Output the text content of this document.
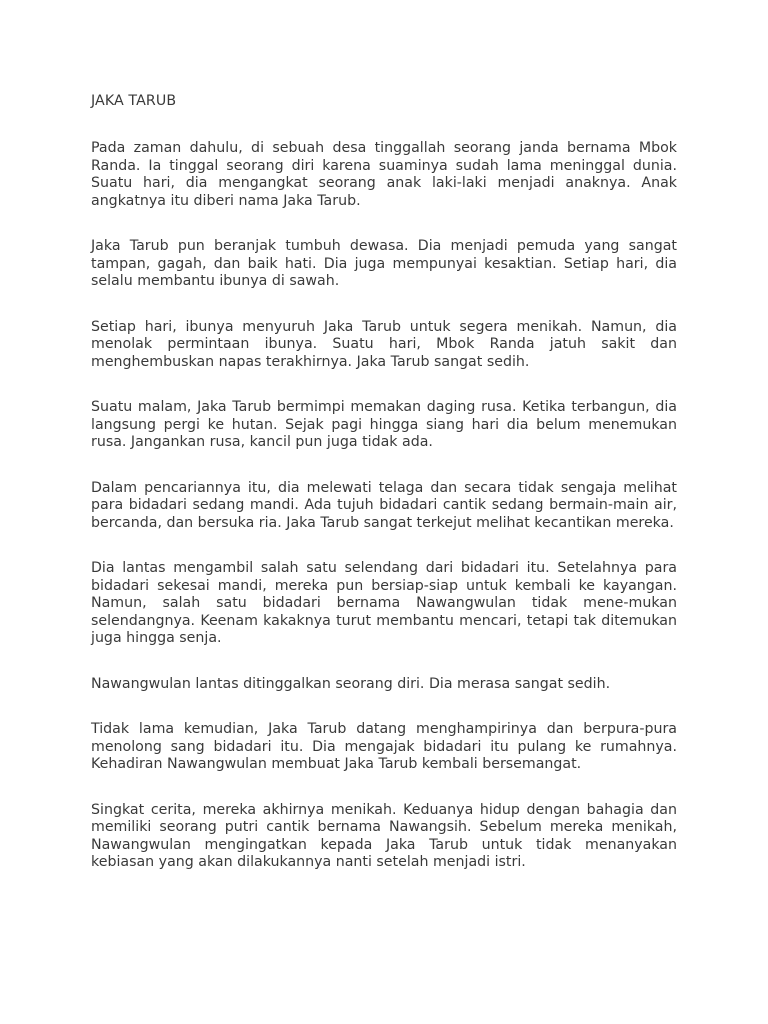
JAKA TARUB

Pada zaman dahulu, di sebuah desa tinggallah seorang janda bernama Mbok Randa. Ia tinggal seorang diri karena suaminya sudah lama meninggal dunia. Suatu hari, dia mengangkat seorang anak laki-laki menjadi anaknya. Anak angkatnya itu diberi nama Jaka Tarub.

Jaka Tarub pun beranjak tumbuh dewasa. Dia menjadi pemuda yang sangat tampan, gagah, dan baik hati. Dia juga mempunyai kesaktian. Setiap hari, dia selalu membantu ibunya di sawah.

Setiap hari, ibunya menyuruh Jaka Tarub untuk segera menikah. Namun, dia menolak permintaan ibunya. Suatu hari, Mbok Randa jatuh sakit dan menghembuskan napas terakhirnya. Jaka Tarub sangat sedih.

Suatu malam, Jaka Tarub bermimpi memakan daging rusa. Ketika terbangun, dia langsung pergi ke hutan. Sejak pagi hingga siang hari dia belum menemukan rusa. Jangankan rusa, kancil pun juga tidak ada.

Dalam pencariannya itu, dia melewati telaga dan secara tidak sengaja melihat para bidadari sedang mandi. Ada tujuh bidadari cantik sedang bermain-main air, bercanda, dan bersuka ria. Jaka Tarub sangat terkejut melihat kecantikan mereka.

Dia lantas mengambil salah satu selendang dari bidadari itu. Setelahnya para bidadari sekesai mandi, mereka pun bersiap-siap untuk kembali ke kayangan. Namun, salah satu bidadari bernama Nawangwulan tidak mene-mukan selendangnya. Keenam kakaknya turut membantu mencari, tetapi tak ditemukan juga hingga senja.

Nawangwulan lantas ditinggalkan seorang diri. Dia merasa sangat sedih.

Tidak lama kemudian, Jaka Tarub datang menghampirinya dan berpura-pura menolong sang bidadari itu. Dia mengajak bidadari itu pulang ke rumahnya. Kehadiran Nawangwulan membuat Jaka Tarub kembali bersemangat.

Singkat cerita, mereka akhirnya menikah. Keduanya hidup dengan bahagia dan memiliki seorang putri cantik bernama Nawangsih. Sebelum mereka menikah, Nawangwulan mengingatkan kepada Jaka Tarub untuk tidak menanyakan kebiasan yang akan dilakukannya nanti setelah menjadi istri.
